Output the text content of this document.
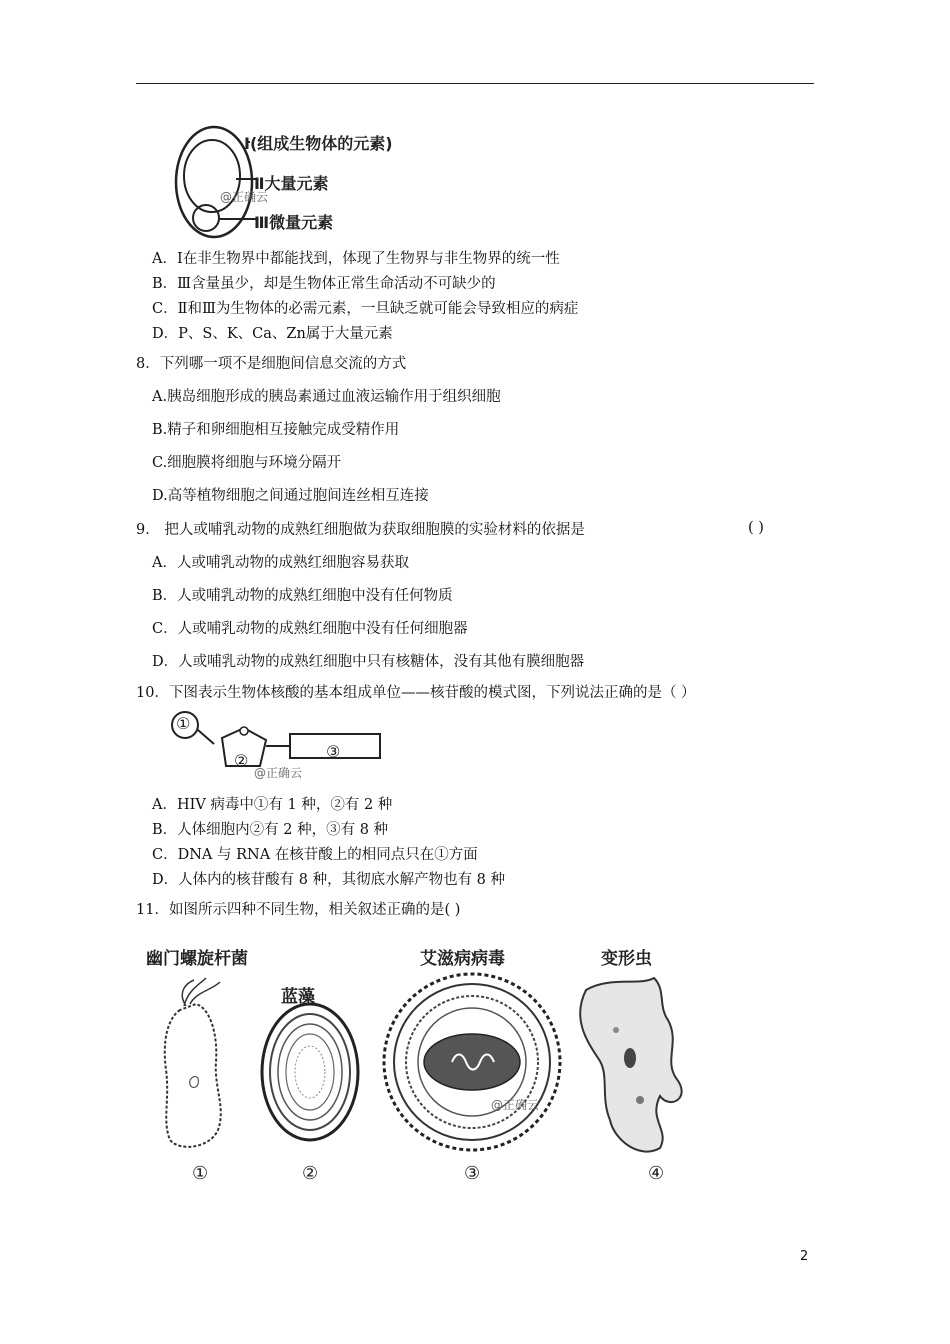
Ⅰ(组成生物体的元素)
Ⅱ大量元素
Ⅲ微量元素
@正确云
A．Ⅰ在非生物界中都能找到，体现了生物界与非生物界的统一性
B．Ⅲ含量虽少，却是生物体正常生命活动不可缺少的
C．Ⅱ和Ⅲ为生物体的必需元素，一旦缺乏就可能会导致相应的病症
D．P、S、K、Ca、Zn属于大量元素
8．下列哪一项不是细胞间信息交流的方式
A.胰岛细胞形成的胰岛素通过血液运输作用于组织细胞
B.精子和卵细胞相互接触完成受精作用
C.细胞膜将细胞与环境分隔开
D.高等植物细胞之间通过胞间连丝相互连接
9． 把人或哺乳动物的成熟红细胞做为获取细胞膜的实验材料的依据是	( )
A．人或哺乳动物的成熟红细胞容易获取
B．人或哺乳动物的成熟红细胞中没有任何物质
C．人或哺乳动物的成熟红细胞中没有任何细胞器
D．人或哺乳动物的成熟红细胞中只有核糖体，没有其他有膜细胞器
10．下图表示生物体核酸的基本组成单位——核苷酸的模式图，下列说法正确的是（ ）
①
②	③
@正确云
A．HIV 病毒中①有 1 种，②有 2 种
B．人体细胞内②有 2 种，③有 8 种
C．DNA 与 RNA 在核苷酸上的相同点只在①方面
D．人体内的核苷酸有 8 种，其彻底水解产物也有 8 种
11．如图所示四种不同生物，相关叙述正确的是( )
幽门螺旋杆菌
蓝藻
艾滋病病毒	变形虫
@正确云
①	②	③	④
2
